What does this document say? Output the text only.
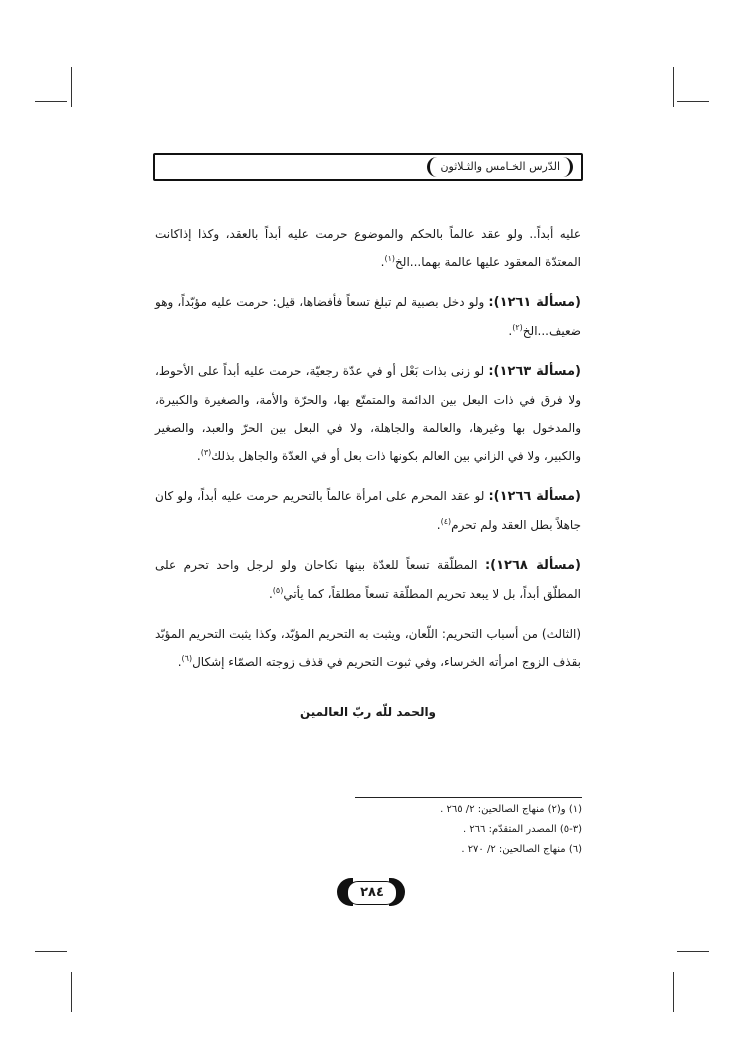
الدّرس الخـامس والثـلاثون

عليه أبداً.. ولو عقد عالماً بالحكم والموضوع حرمت عليه أبداً بالعقد، وكذا إذاكانت المعتدّة المعقود عليها عالمة بهما...الخ$^{(١)}$.

(مسألة ١٢٦١): ولو دخل بصبية لم تبلغ تسعاً فأفضاها، قيل: حرمت عليه مؤبّداً، وهو ضعيف...الخ$^{(٢)}$.

(مسألة ١٢٦٣): لو زنى بذات بَعْل أو في عدّة رجعيّة، حرمت عليه أبداً على الأحوط، ولا فرق في ذات البعل بين الدائمة والمتمتّع بها، والحرّة والأمة، والصغيرة والكبيرة، والمدخول بها وغيرها، والعالمة والجاهلة، ولا في البعل بين الحرّ والعبد، والصغير والكبير، ولا في الزاني بين العالم بكونها ذات بعل أو في العدّة والجاهل بذلك$^{(٣)}$.

(مسألة ١٢٦٦): لو عقد المحرم على امرأة عالماً بالتحريم حرمت عليه أبداً، ولو كان جاهلاً بطل العقد ولم تحرم$^{(٤)}$.

(مسألة ١٢٦٨): المطلّقة تسعاً للعدّة بينها نكاحان ولو لرجل واحد تحرم على المطلّق أبداً، بل لا يبعد تحريم المطلّقة تسعاً مطلقاً، كما يأتي$^{(٥)}$.

(الثالث) من أسباب التحريم: اللّعان، ويثبت به التحريم المؤبّد، وكذا يثبت التحريم المؤبّد بقذف الزوج امرأته الخرساء، وفي ثبوت التحريم في قذف زوجته الصمّاء إشكال$^{(٦)}$.

والحمد للّه ربّ العالمين
(١) و(٢) منهاج الصالحين: ٢/ ٢٦٥ .
(٣-٥) المصدر المتقدّم: ٢٦٦ .
(٦) منهاج الصالحين: ٢/ ٢٧٠ .
٢٨٤
